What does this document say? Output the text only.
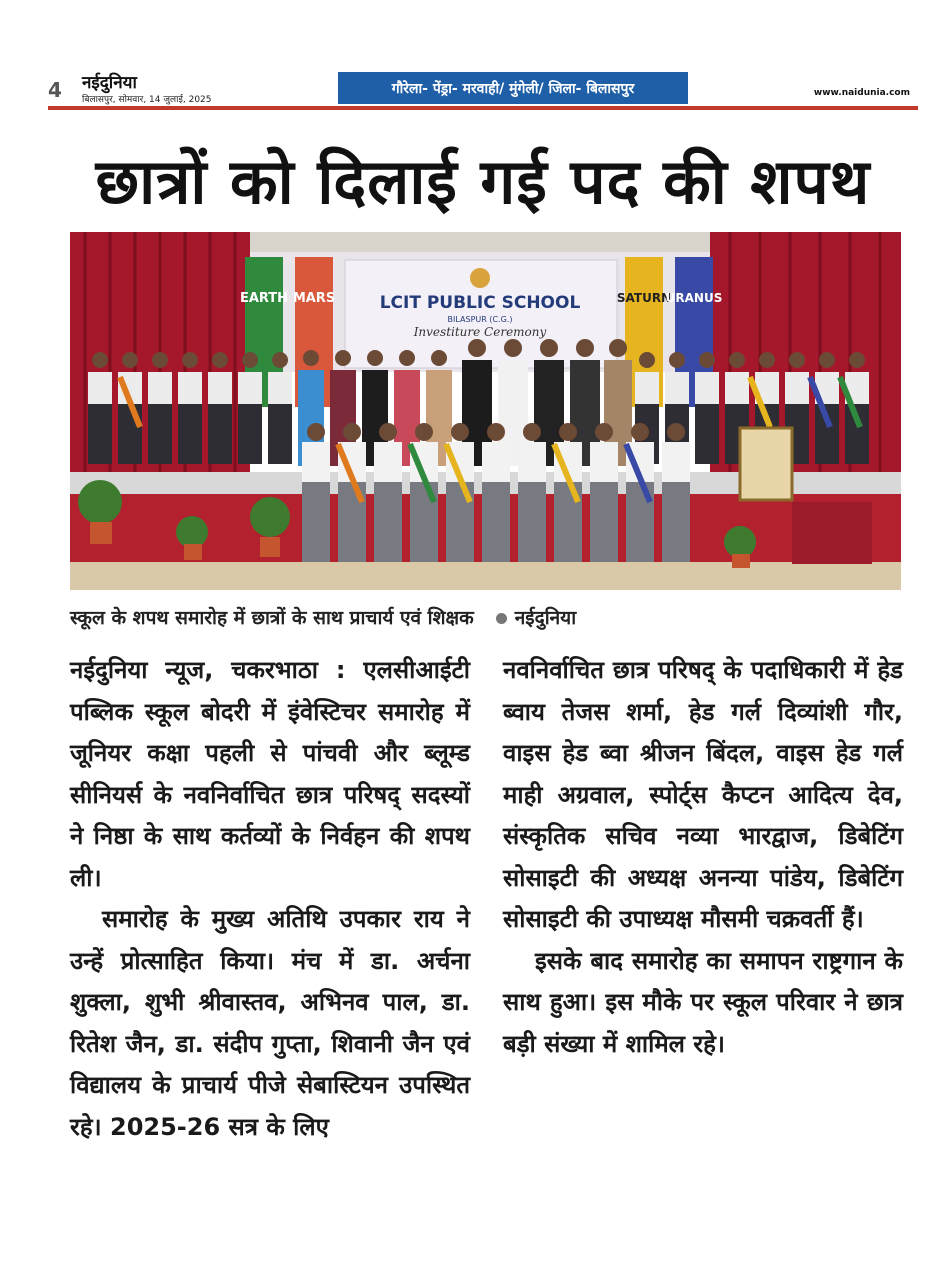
4 नईदुनिया
बिलासपुर, सोमवार, 14 जुलाई, 2025
गौरेला- पेंड्रा- मरवाही/ मुंगेली/ जिला- बिलासपुर	www.naidunia.com
छात्रों को दिलाई गई पद की शपथ
EARTH MARS	SATURN
URANUS
LCIT PUBLIC SCHOOL
BILASPUR (C.G.)
Investiture Ceremony
स्कूल के शपथ समारोह में छात्रों के साथ प्राचार्य एवं शिक्षक	नईदुनिया

नईदुनिया न्यूज, चकरभाठा : एलसीआईटी पब्लिक स्कूल बोदरी में इंवेस्टिचर समारोह में जूनियर कक्षा पहली से पांचवी और ब्लूम्ड सीनियर्स के नवनिर्वाचित छात्र परिषद् सदस्यों ने निष्ठा के साथ कर्तव्यों के निर्वहन की शपथ ली।

समारोह के मुख्य अतिथि उपकार राय ने उन्हें प्रोत्साहित किया। मंच में डा. अर्चना शुक्ला, शुभी श्रीवास्तव, अभिनव पाल, डा. रितेश जैन, डा. संदीप गुप्ता, शिवानी जैन एवं विद्यालय के प्राचार्य पीजे सेबास्टियन उपस्थित रहे। 2025-26 सत्र के लिए

नवनिर्वाचित छात्र परिषद् के पदाधिकारी में हेड ब्वाय तेजस शर्मा, हेड गर्ल दिव्यांशी गौर, वाइस हेड ब्वा श्रीजन बिंदल, वाइस हेड गर्ल माही अग्रवाल, स्पोर्ट्स कैप्टन आदित्य देव, संस्कृतिक सचिव नव्या भारद्वाज, डिबेटिंग सोसाइटी की अध्यक्ष अनन्या पांडेय, डिबेटिंग सोसाइटी की उपाध्यक्ष मौसमी चक्रवर्ती हैं।

इसके बाद समारोह का समापन राष्ट्रगान के साथ हुआ। इस मौके पर स्कूल परिवार ने छात्र बड़ी संख्या में शामिल रहे।
